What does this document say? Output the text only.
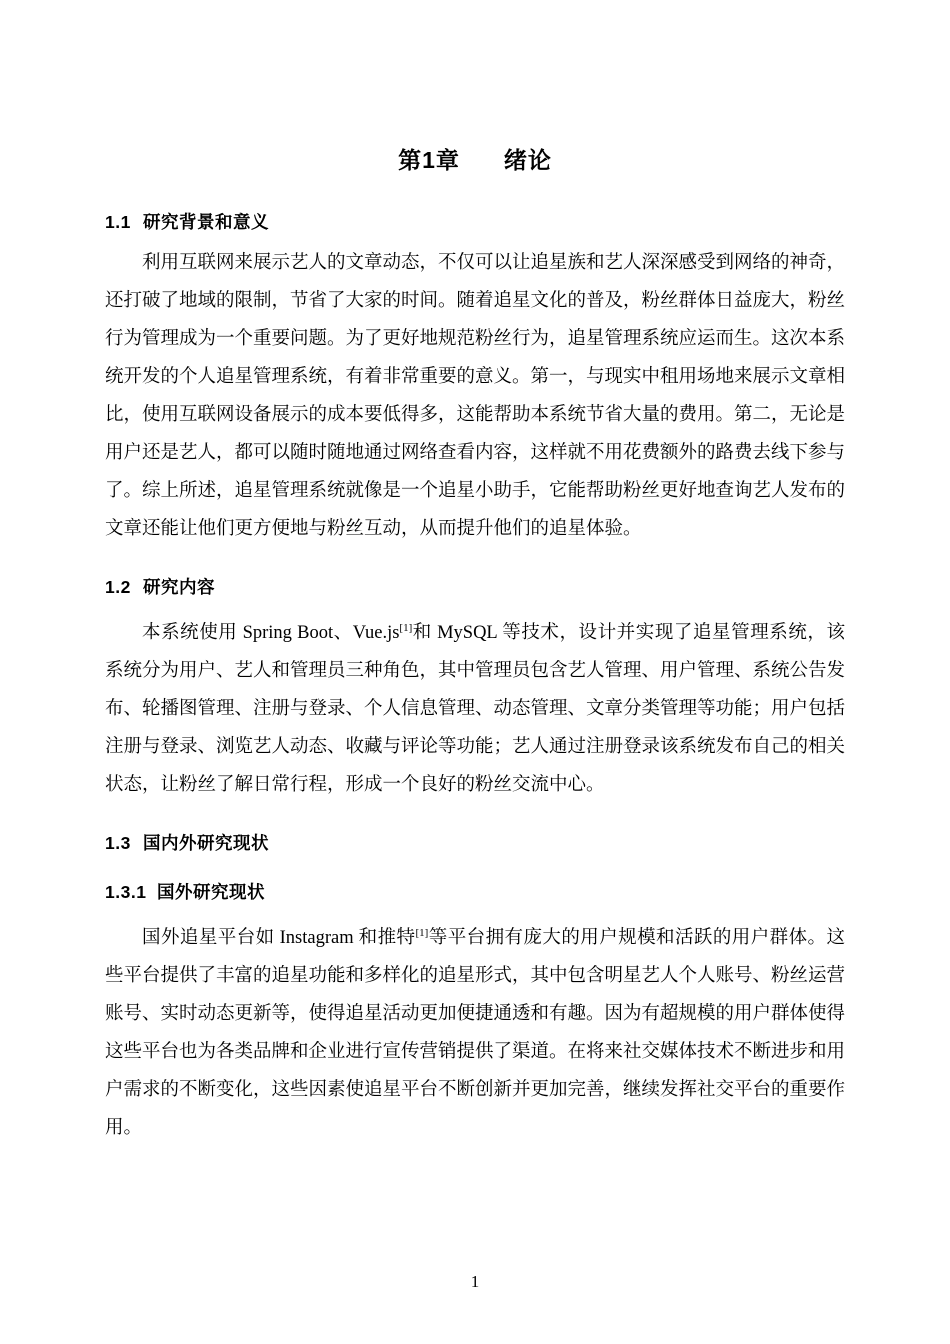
第1章 绪论
1.1 研究背景和意义

利用互联网来展示艺人的文章动态，不仅可以让追星族和艺人深深感受到网络的神奇，还打破了地域的限制，节省了大家的时间。随着追星文化的普及，粉丝群体日益庞大，粉丝行为管理成为一个重要问题。为了更好地规范粉丝行为，追星管理系统应运而生。这次本系统开发的个人追星管理系统，有着非常重要的意义。第一，与现实中租用场地来展示文章相比，使用互联网设备展示的成本要低得多，这能帮助本系统节省大量的费用。第二，无论是用户还是艺人，都可以随时随地通过网络查看内容，这样就不用花费额外的路费去线下参与了。综上所述，追星管理系统就像是一个追星小助手，它能帮助粉丝更好地查询艺人发布的文章还能让他们更方便地与粉丝互动，从而提升他们的追星体验。

1.2 研究内容

本系统使用 Spring Boot、Vue.js[1]和 MySQL 等技术，设计并实现了追星管理系统，该系统分为用户、艺人和管理员三种角色，其中管理员包含艺人管理、用户管理、系统公告发布、轮播图管理、注册与登录、个人信息管理、动态管理、文章分类管理等功能；用户包括注册与登录、浏览艺人动态、收藏与评论等功能；艺人通过注册登录该系统发布自己的相关状态，让粉丝了解日常行程，形成一个良好的粉丝交流中心。

1.3 国内外研究现状
1.3.1 国外研究现状

国外追星平台如 Instagram 和推特[1]等平台拥有庞大的用户规模和活跃的用户群体。这些平台提供了丰富的追星功能和多样化的追星形式，其中包含明星艺人个人账号、粉丝运营账号、实时动态更新等，使得追星活动更加便捷通透和有趣。因为有超规模的用户群体使得这些平台也为各类品牌和企业进行宣传营销提供了渠道。在将来社交媒体技术不断进步和用户需求的不断变化，这些因素使追星平台不断创新并更加完善，继续发挥社交平台的重要作用。

1
